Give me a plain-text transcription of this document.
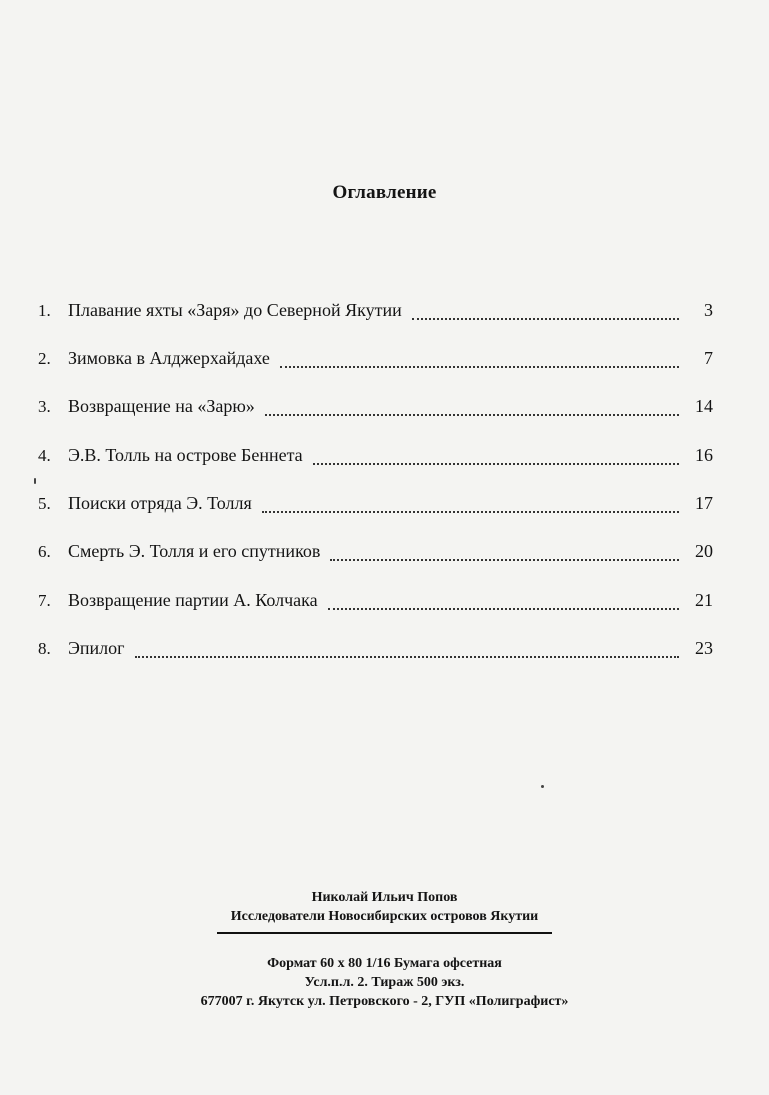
Оглавление
1. Плавание яхты «Заря» до Северной Якутии	3
2. Зимовка в Алджерхайдахе	7
3. Возвращение на «Зарю»	14
4. Э.В. Толль на острове Беннета	16
5. Поиски отряда Э. Толля	17
6. Смерть Э. Толля и его спутников	20
7. Возвращение партии А. Колчака	21
8. Эпилог	23
Николай Ильич Попов
Исследователи Новосибирских островов Якутии
Формат 60 х 80 1/16 Бумага офсетная
Усл.п.л. 2. Тираж 500 экз.
677007 г. Якутск ул. Петровского - 2, ГУП «Полиграфист»
